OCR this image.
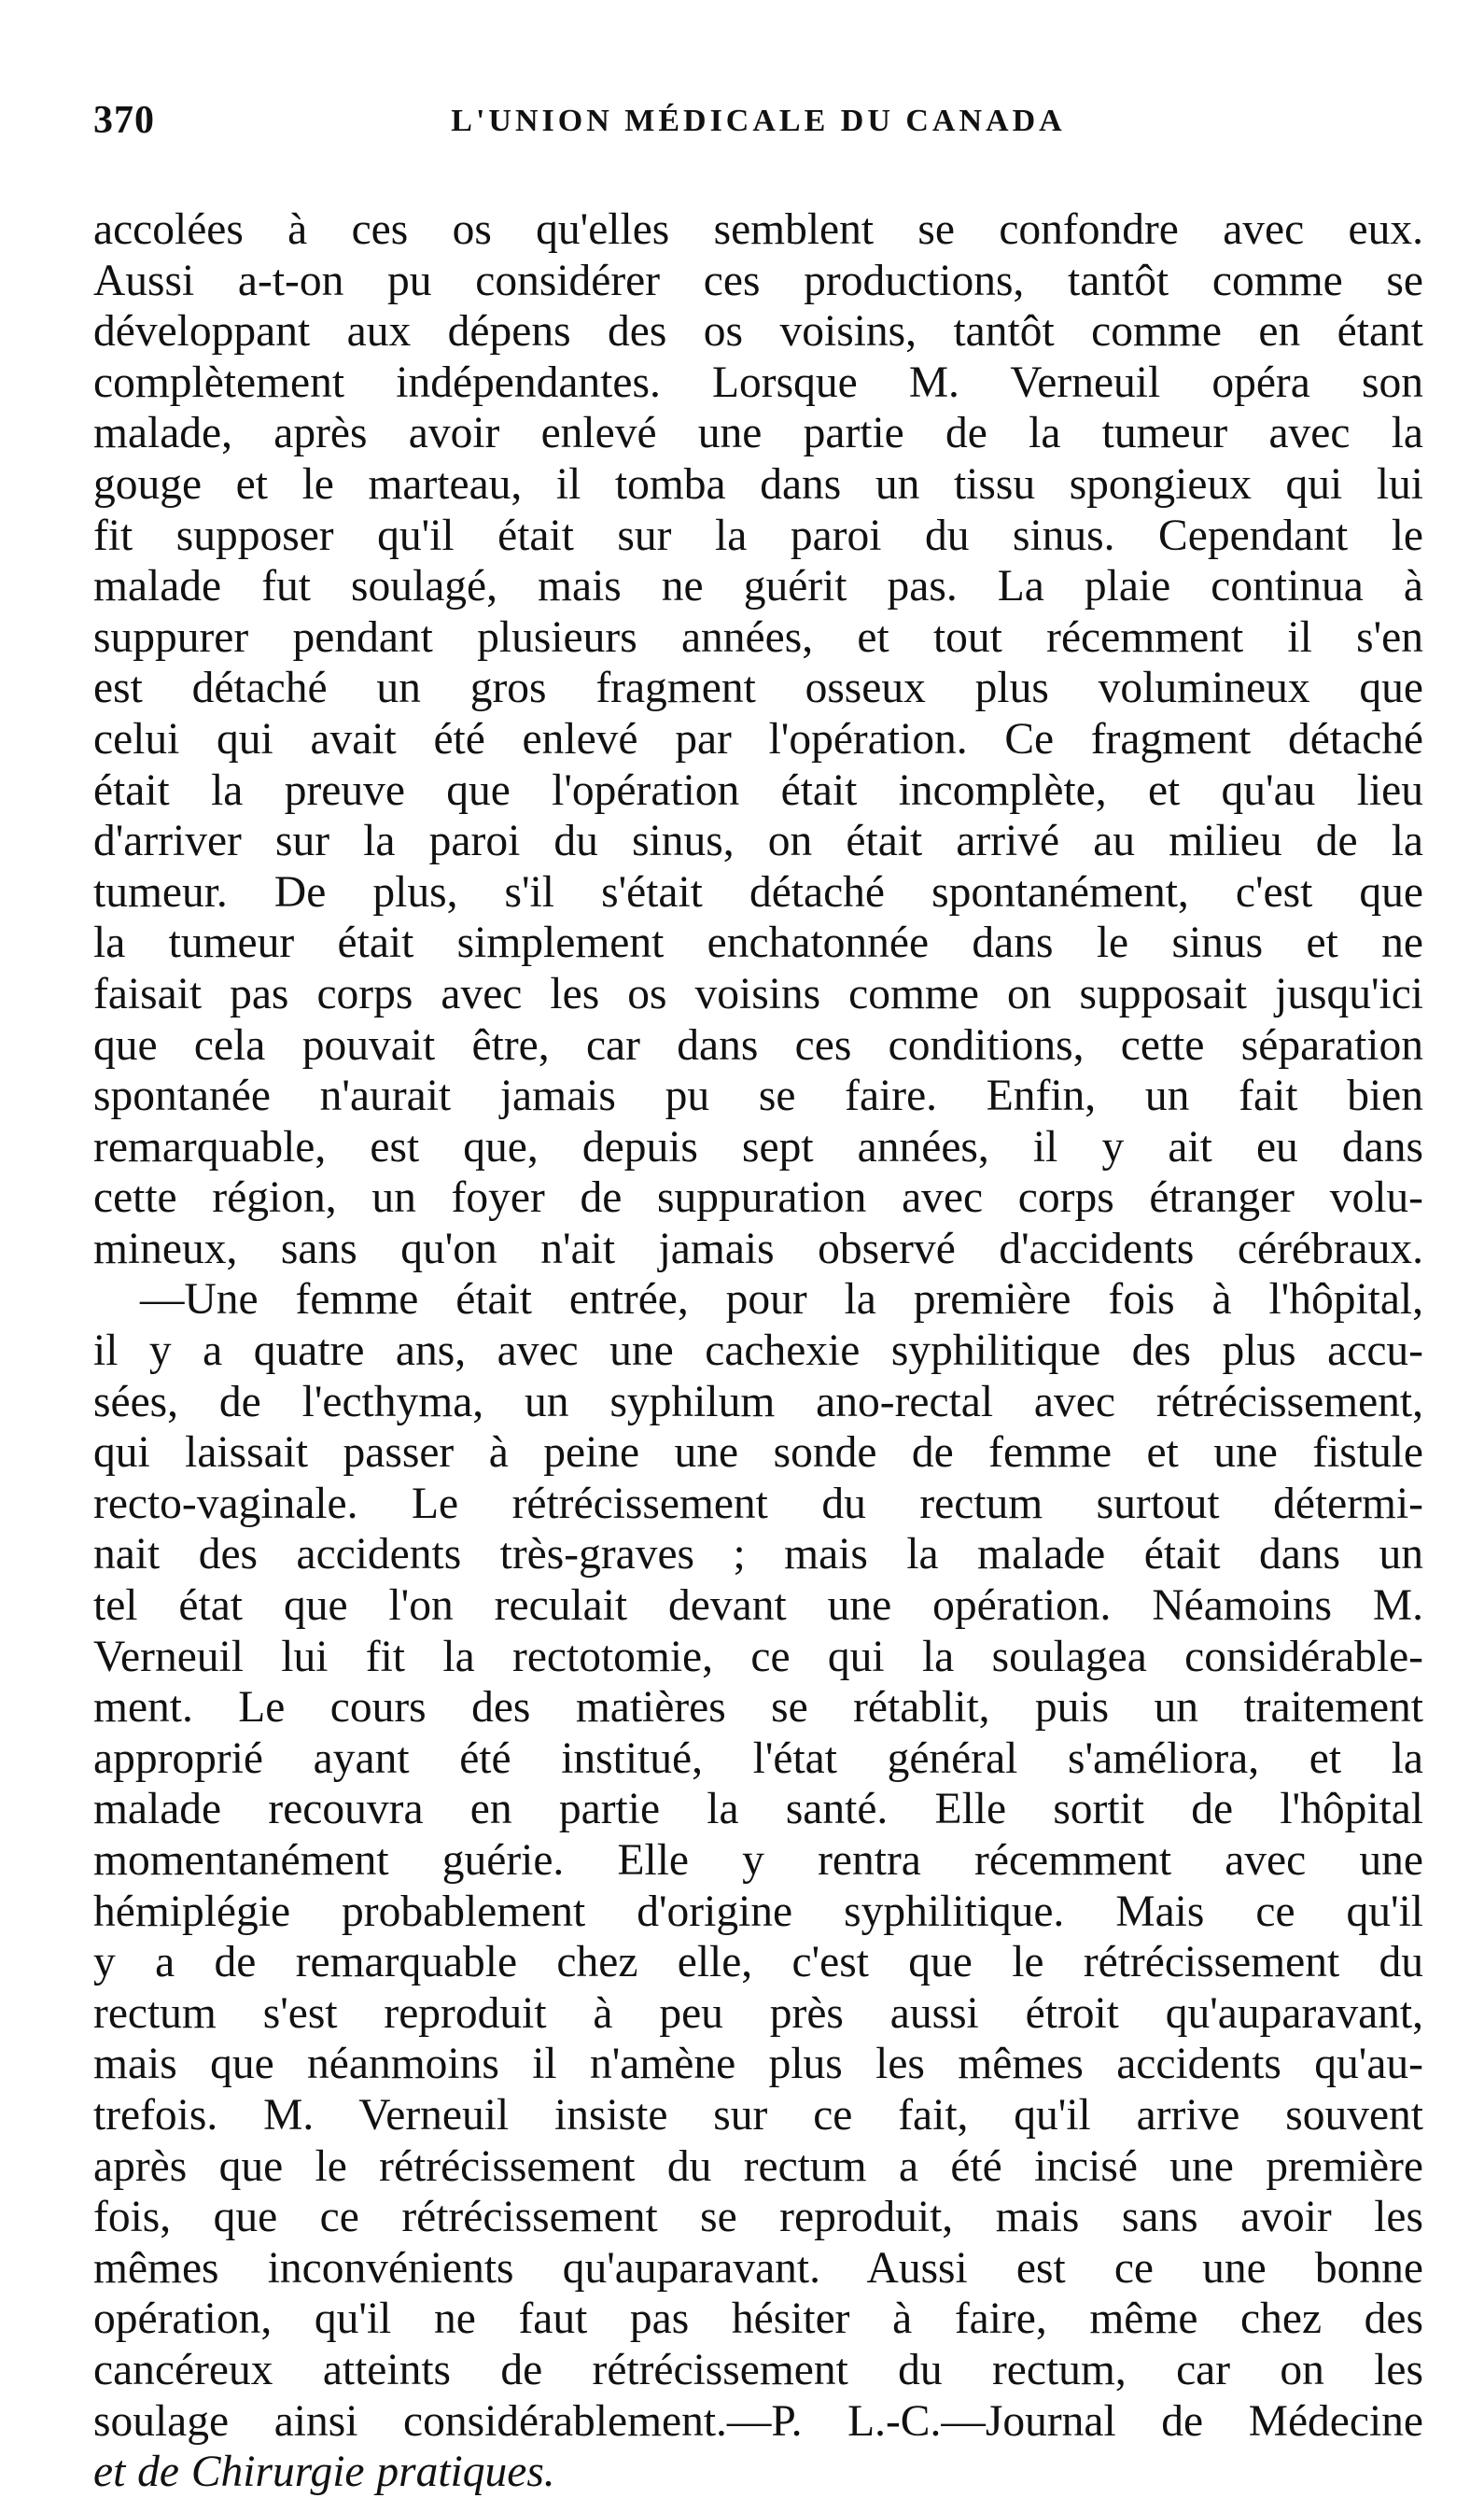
370	L'UNION MÉDICALE DU CANADA
accolées à ces os qu'elles semblent se confondre avec eux.
Aussi a-t-on pu considérer ces productions, tantôt comme se
développant aux dépens des os voisins, tantôt comme en étant
complètement indépendantes. Lorsque M. Verneuil opéra son
malade, après avoir enlevé une partie de la tumeur avec la
gouge et le marteau, il tomba dans un tissu spongieux qui lui
fit supposer qu'il était sur la paroi du sinus. Cependant le
malade fut soulagé, mais ne guérit pas. La plaie continua à
suppurer pendant plusieurs années, et tout récemment il s'en
est détaché un gros fragment osseux plus volumineux que
celui qui avait été enlevé par l'opération. Ce fragment détaché
était la preuve que l'opération était incomplète, et qu'au lieu
d'arriver sur la paroi du sinus, on était arrivé au milieu de la
tumeur. De plus, s'il s'était détaché spontanément, c'est que
la tumeur était simplement enchatonnée dans le sinus et ne
faisait pas corps avec les os voisins comme on supposait jusqu'ici
que cela pouvait être, car dans ces conditions, cette séparation
spontanée n'aurait jamais pu se faire. Enfin, un fait bien
remarquable, est que, depuis sept années, il y ait eu dans
cette région, un foyer de suppuration avec corps étranger volu-
mineux, sans qu'on n'ait jamais observé d'accidents cérébraux.
—Une femme était entrée, pour la première fois à l'hôpital,
il y a quatre ans, avec une cachexie syphilitique des plus accu-
sées, de l'ecthyma, un syphilum ano-rectal avec rétrécissement,
qui laissait passer à peine une sonde de femme et une fistule
recto-vaginale. Le rétrécissement du rectum surtout détermi-
nait des accidents très-graves ; mais la malade était dans un
tel état que l'on reculait devant une opération. Néamoins M.
Verneuil lui fit la rectotomie, ce qui la soulagea considérable-
ment. Le cours des matières se rétablit, puis un traitement
approprié ayant été institué, l'état général s'améliora, et la
malade recouvra en partie la santé. Elle sortit de l'hôpital
momentanément guérie. Elle y rentra récemment avec une
hémiplégie probablement d'origine syphilitique. Mais ce qu'il
y a de remarquable chez elle, c'est que le rétrécissement du
rectum s'est reproduit à peu près aussi étroit qu'auparavant,
mais que néanmoins il n'amène plus les mêmes accidents qu'au-
trefois. M. Verneuil insiste sur ce fait, qu'il arrive souvent
après que le rétrécissement du rectum a été incisé une première
fois, que ce rétrécissement se reproduit, mais sans avoir les
mêmes inconvénients qu'auparavant. Aussi est ce une bonne
opération, qu'il ne faut pas hésiter à faire, même chez des
cancéreux atteints de rétrécissement du rectum, car on les
soulage ainsi considérablement.—P. L.-C.—Journal de Médecine
et de Chirurgie pratiques.
